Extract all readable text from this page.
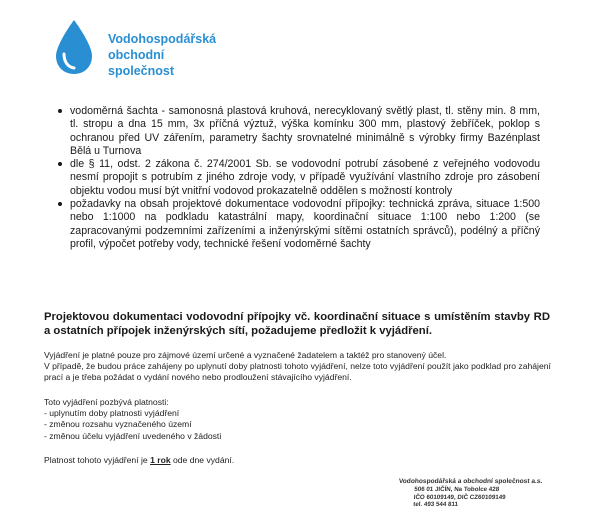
Vodohospodářská
obchodní
společnost
vodoměrná šachta - samonosná plastová kruhová, nerecyklovaný světlý plast, tl. stěny min. 8 mm, tl. stropu a dna 15 mm, 3x příčná výztuž, výška komínku 300 mm, plastový žebříček, poklop s ochranou před UV zářením, parametry šachty srovnatelné minimálně s výrobky firmy Bazénplast Bělá u Turnova
dle § 11, odst. 2 zákona č. 274/2001 Sb. se vodovodní potrubí zásobené z veřejného vodovodu nesmí propojit s potrubím z jiného zdroje vody, v případě využívání vlastního zdroje pro zásobení objektu vodou musí být vnitřní vodovod prokazatelně oddělen s možností kontroly
požadavky na obsah projektové dokumentace vodovodní přípojky: technická zpráva, situace 1:500 nebo 1:1000 na podkladu katastrální mapy, koordinační situace 1:100 nebo 1:200 (se zapracovanými podzemními zařízeními a inženýrskými sítěmi ostatních správců), podélný a příčný profil, výpočet potřeby vody, technické řešení vodoměrné šachty
Projektovou dokumentaci vodovodní přípojky vč. koordinační situace s umístěním stavby RD a ostatních přípojek inženýrských sítí, požadujeme předložit k vyjádření.
Vyjádření je platné pouze pro zájmové území určené a vyznačené žadatelem a taktéž pro stanovený účel.
V případě, že budou práce zahájeny po uplynutí doby platnosti tohoto vyjádření, nelze toto vyjádření použít jako podklad pro zahájení prací a je třeba požádat o vydání nového nebo prodloužení stávajícího vyjádření.
Toto vyjádření pozbývá platnosti:
- uplynutím doby platnosti vyjádření
- změnou rozsahu vyznačeného území
- změnou účelu vyjádření uvedeného v žádosti
Platnost tohoto vyjádření je 1 rok ode dne vydání.
Vodohospodářská a obchodní společnost a.s.
506 01 JIČÍN, Na Tobolce 428
IČO 60109149, DIČ CZ60109149
tel. 493 544 811
